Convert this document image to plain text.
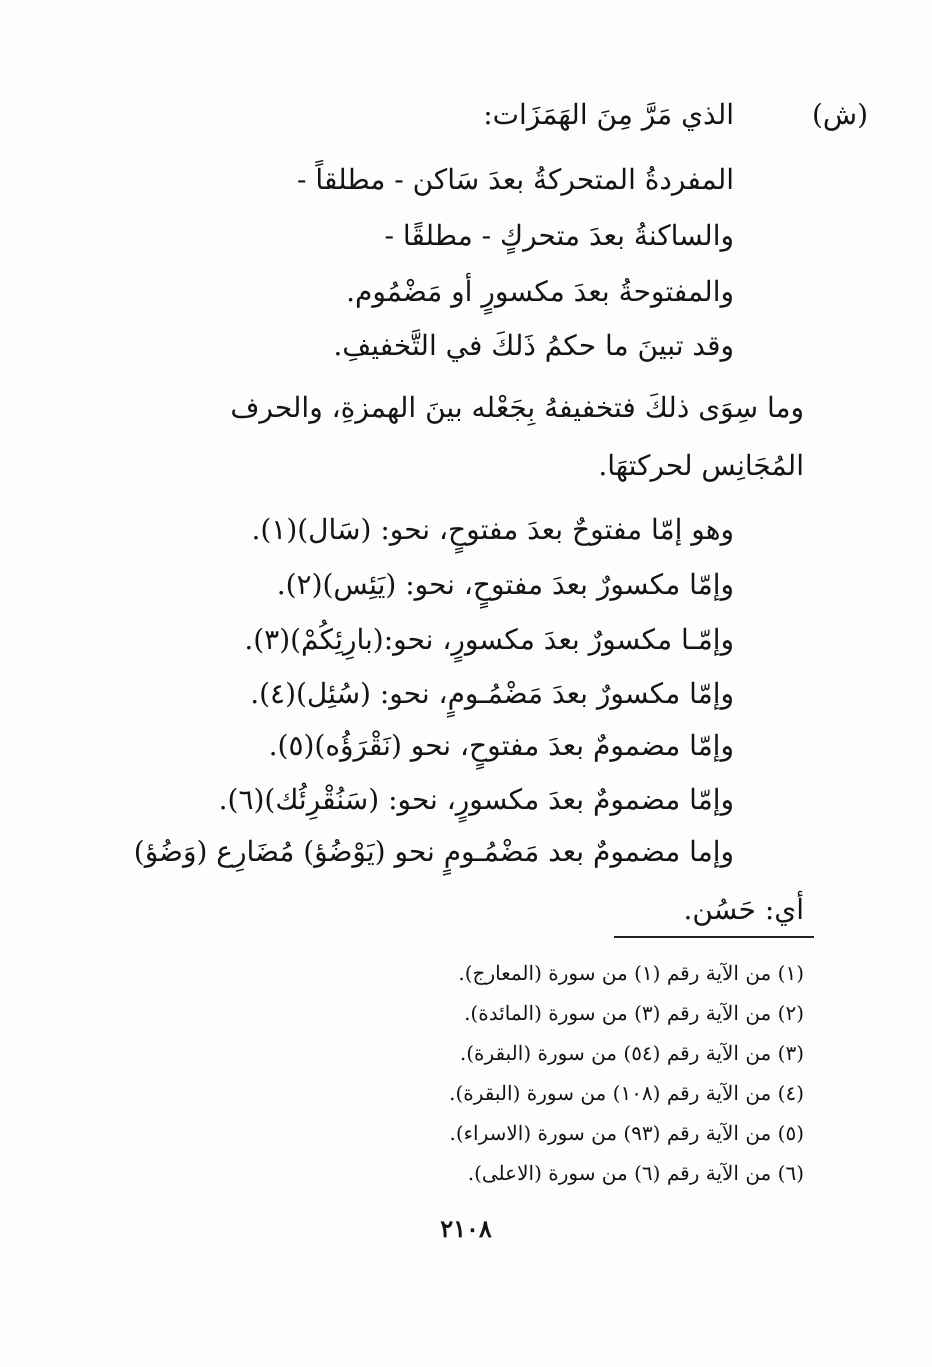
(ش)
الذي مَرَّ مِنَ الهَمَزَات:
المفردةُ المتحركةُ بعدَ سَاكن - مطلقاً -
والساكنةُ بعدَ متحركٍ - مطلقًا -
والمفتوحةُ بعدَ مكسورٍ أو مَضْمُوم.
وقد تبينَ ما حكمُ ذَلكَ في التَّخفيفِ.
وما سِوَى ذلكَ فتخفيفهُ بِجَعْله بينَ الهمزةِ، والحرف
المُجَانِس لحركتهَا.
وهو إمّا مفتوحٌ بعدَ مفتوحٍ، نحو: (سَال)(١).
وإمّا مكسورٌ بعدَ مفتوحٍ، نحو: (يَئِس)(٢).
وإمّـا مكسورٌ بعدَ مكسورٍ، نحو:(بارِئِكُمْ)(٣).
وإمّا مكسورٌ بعدَ مَضْمُـومٍ، نحو: (سُئِل)(٤).
وإمّا مضمومٌ بعدَ مفتوحٍ، نحو (نَقْرَؤُه)(٥).
وإمّا مضمومٌ بعدَ مكسورٍ، نحو: (سَنُقْرِئُك)(٦).
وإما مضمومٌ بعد مَضْمُـومٍ نحو (يَوْضُؤ) مُضَارِع (وَضُؤ)
أي: حَسُن.
(١) من الآية رقم (١) من سورة (المعارج).
(٢) من الآية رقم (٣) من سورة (المائدة).
(٣) من الآية رقم (٥٤) من سورة (البقرة).
(٤) من الآية رقم (١٠٨) من سورة (البقرة).
(٥) من الآية رقم (٩٣) من سورة (الاسراء).
(٦) من الآية رقم (٦) من سورة (الاعلى).
٢١٠٨
